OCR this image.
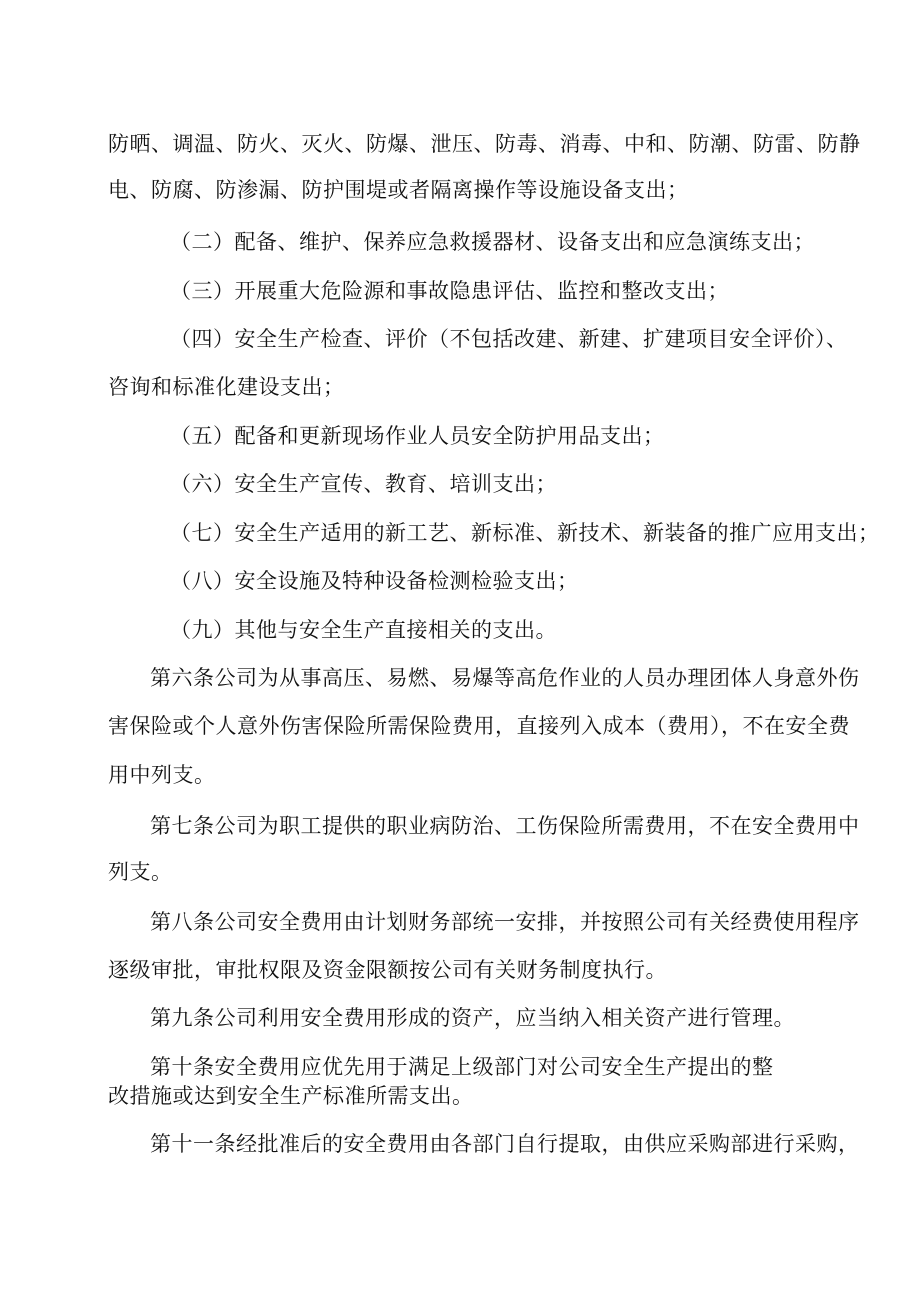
防晒、调温、防火、灭火、防爆、泄压、防毒、消毒、中和、防潮、防雷、防静
电、防腐、防渗漏、防护围堤或者隔离操作等设施设备支出；
（二）配备、维护、保养应急救援器材、设备支出和应急演练支出；
（三）开展重大危险源和事故隐患评估、监控和整改支出；
（四）安全生产检查、评价（不包括改建、新建、扩建项目安全评价）、
咨询和标准化建设支出；
（五）配备和更新现场作业人员安全防护用品支出；
（六）安全生产宣传、教育、培训支出；
（七）安全生产适用的新工艺、新标准、新技术、新装备的推广应用支出；
（八）安全设施及特种设备检测检验支出；
（九）其他与安全生产直接相关的支出。
第六条公司为从事高压、易燃、易爆等高危作业的人员办理团体人身意外伤
害保险或个人意外伤害保险所需保险费用，直接列入成本（费用），不在安全费
用中列支。
第七条公司为职工提供的职业病防治、工伤保险所需费用，不在安全费用中
列支。
第八条公司安全费用由计划财务部统一安排，并按照公司有关经费使用程序
逐级审批，审批权限及资金限额按公司有关财务制度执行。
第九条公司利用安全费用形成的资产，应当纳入相关资产进行管理。
第十条安全费用应优先用于满足上级部门对公司安全生产提出的整
改措施或达到安全生产标准所需支出。
第十一条经批准后的安全费用由各部门自行提取，由供应采购部进行采购，
